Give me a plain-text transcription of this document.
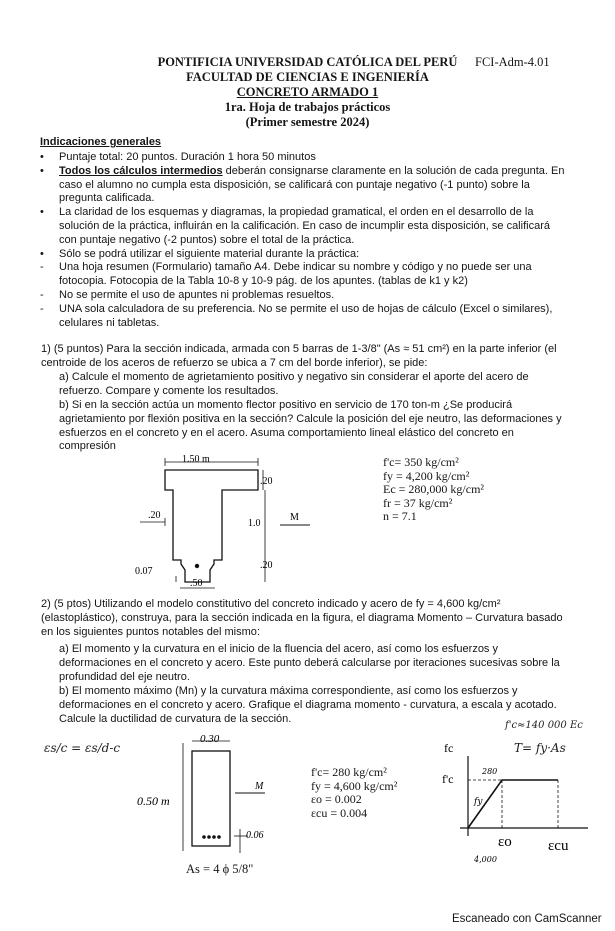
PONTIFICIA UNIVERSIDAD CATÓLICA DEL PERÚ	FCI-Adm-4.01
FACULTAD DE CIENCIAS E INGENIERÍA
CONCRETO ARMADO 1
1ra. Hoja de trabajos prácticos
(Primer semestre 2024)
Indicaciones generales
• Puntaje total: 20 puntos. Duración 1 hora 50 minutos
• Todos los cálculos intermedios deberán consignarse claramente en la solución de cada pregunta. En caso el alumno no cumpla esta disposición, se calificará con puntaje negativo (-1 punto) sobre la pregunta calificada.
• La claridad de los esquemas y diagramas, la propiedad gramatical, el orden en el desarrollo de la solución de la práctica, influirán en la calificación. En caso de incumplir esta disposición, se calificará con puntaje negativo (-2 puntos) sobre el total de la práctica.
• Sólo se podrá utilizar el siguiente material durante la práctica:
- Una hoja resumen (Formulario) tamaño A4. Debe indicar su nombre y código y no puede ser una fotocopia. Fotocopia de la Tabla 10-8 y 10-9 pág. de los apuntes. (tablas de k1 y k2)
- No se permite el uso de apuntes ni problemas resueltos.
- UNA sola calculadora de su preferencia. No se permite el uso de hojas de cálculo (Excel o similares), celulares ni tabletas.
1) (5 puntos) Para la sección indicada, armada con 5 barras de 1-3/8" (As ≈ 51 cm²) en la parte inferior (el centroide de los aceros de refuerzo se ubica a 7 cm del borde inferior), se pide:
a) Calcule el momento de agrietamiento positivo y negativo sin considerar el aporte del acero de refuerzo. Compare y comente los resultados.
b) Si en la sección actúa un momento flector positivo en servicio de 170 ton-m ¿Se producirá agrietamiento por flexión positiva en la sección? Calcule la posición del eje neutro, las deformaciones y esfuerzos en el concreto y en el acero. Asuma comportamiento lineal elástico del concreto en compresión
1.50 m
.20
.20
1.0
M
.20
0.07
.50
f'c= 350 kg/cm²
fy = 4,200 kg/cm²
Ec = 280,000 kg/cm²
fr = 37 kg/cm²
n = 7.1
2) (5 ptos) Utilizando el modelo constitutivo del concreto indicado y acero de fy = 4,600 kg/cm² (elastoplástico), construya, para la sección indicada en la figura, el diagrama Momento – Curvatura basado en los siguientes puntos notables del mismo:
a) El momento y la curvatura en el inicio de la fluencia del acero, así como los esfuerzos y deformaciones en el concreto y acero. Este punto deberá calcularse por iteraciones sucesivas sobre la profundidad del eje neutro.
b) El momento máximo (Mn) y la curvatura máxima correspondiente, así como los esfuerzos y deformaciones en el concreto y acero. Grafique el diagrama momento - curvatura, a escala y acotado. Calcule la ductilidad de curvatura de la sección.
0.30
0.50 m
M
0.06
As = 4 ϕ 5/8"
f'c= 280 kg/cm²
fy = 4,600 kg/cm²
εo = 0.002
εcu = 0.004
fc
f'c
εo εcu
280
fy
4,000
εs/c = εs/d-c
f'c≈140 000 Ec
T= fy·As
Escaneado con CamScanner
